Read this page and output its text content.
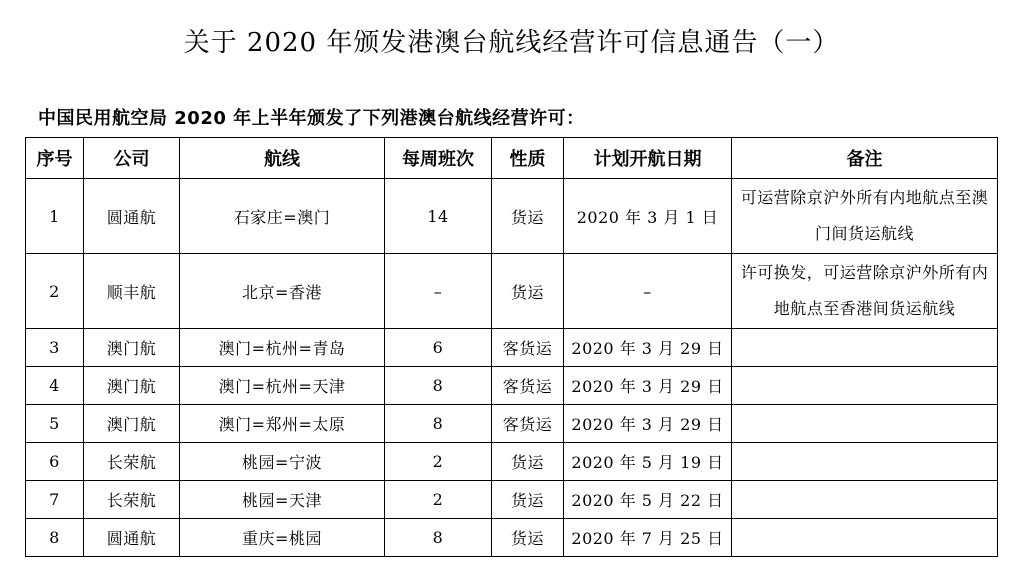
关于 2020 年颁发港澳台航线经营许可信息通告（一）
中国民用航空局 2020 年上半年颁发了下列港澳台航线经营许可：
序号	公司	航线	每周班次	性质	计划开航日期	备注
1	圆通航	石家庄=澳门	14	货运	2020 年 3 月 1 日	可运营除京沪外所有内地航点至澳门间货运航线
2	顺丰航	北京=香港	–	货运	–	许可换发，可运营除京沪外所有内地航点至香港间货运航线
3	澳门航	澳门=杭州=青岛	6	客货运	2020 年 3 月 29 日	
4	澳门航	澳门=杭州=天津	8	客货运	2020 年 3 月 29 日	
5	澳门航	澳门=郑州=太原	8	客货运	2020 年 3 月 29 日	
6	长荣航	桃园=宁波	2	货运	2020 年 5 月 19 日	
7	长荣航	桃园=天津	2	货运	2020 年 5 月 22 日	
8	圆通航	重庆=桃园	8	货运	2020 年 7 月 25 日	
